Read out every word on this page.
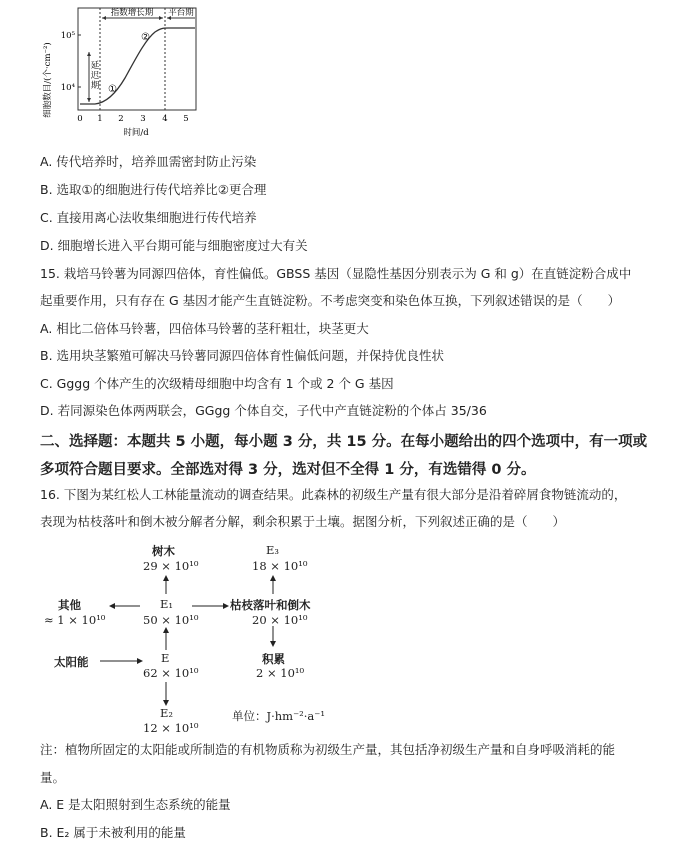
细胞数目/(个·cm⁻²)
指数增长期 平台期
延
迟
期 ①
②
10⁵
10⁴
0 1 2 3 4 5
时间/d
A. 传代培养时，培养皿需密封防止污染
B. 选取①的细胞进行传代培养比②更合理
C. 直接用离心法收集细胞进行传代培养
D. 细胞增长进入平台期可能与细胞密度过大有关
15. 栽培马铃薯为同源四倍体，育性偏低。GBSS 基因（显隐性基因分别表示为 G 和 g）在直链淀粉合成中
起重要作用，只有存在 G 基因才能产生直链淀粉。不考虑突变和染色体互换，下列叙述错误的是（　　）
A. 相比二倍体马铃薯，四倍体马铃薯的茎秆粗壮，块茎更大
B. 选用块茎繁殖可解决马铃薯同源四倍体育性偏低问题，并保持优良性状
C. Gggg 个体产生的次级精母细胞中均含有 1 个或 2 个 G 基因
D. 若同源染色体两两联会，GGgg 个体自交，子代中产直链淀粉的个体占 35/36
二、选择题：本题共 5 小题，每小题 3 分，共 15 分。在每小题给出的四个选项中，有一项或
多项符合题目要求。全部选对得 3 分，选对但不全得 1 分，有选错得 0 分。
16. 下图为某红松人工林能量流动的调查结果。此森林的初级生产量有很大部分是沿着碎屑食物链流动的，
表现为枯枝落叶和倒木被分解者分解，剩余积累于土壤。据图分析，下列叙述正确的是（　　）
树木
29 × 10¹⁰
E₃
18 × 10¹⁰
其他
≈ 1 × 10¹⁰
E₁
50 × 10¹⁰
枯枝落叶和倒木
20 × 10¹⁰
太阳能	E
62 × 10¹⁰
积累
2 × 10¹⁰
E₂
12 × 10¹⁰
单位：J·hm⁻²·a⁻¹
注：植物所固定的太阳能或所制造的有机物质称为初级生产量，其包括净初级生产量和自身呼吸消耗的能
量。
A. E 是太阳照射到生态系统的能量
B. E₂ 属于未被利用的能量
